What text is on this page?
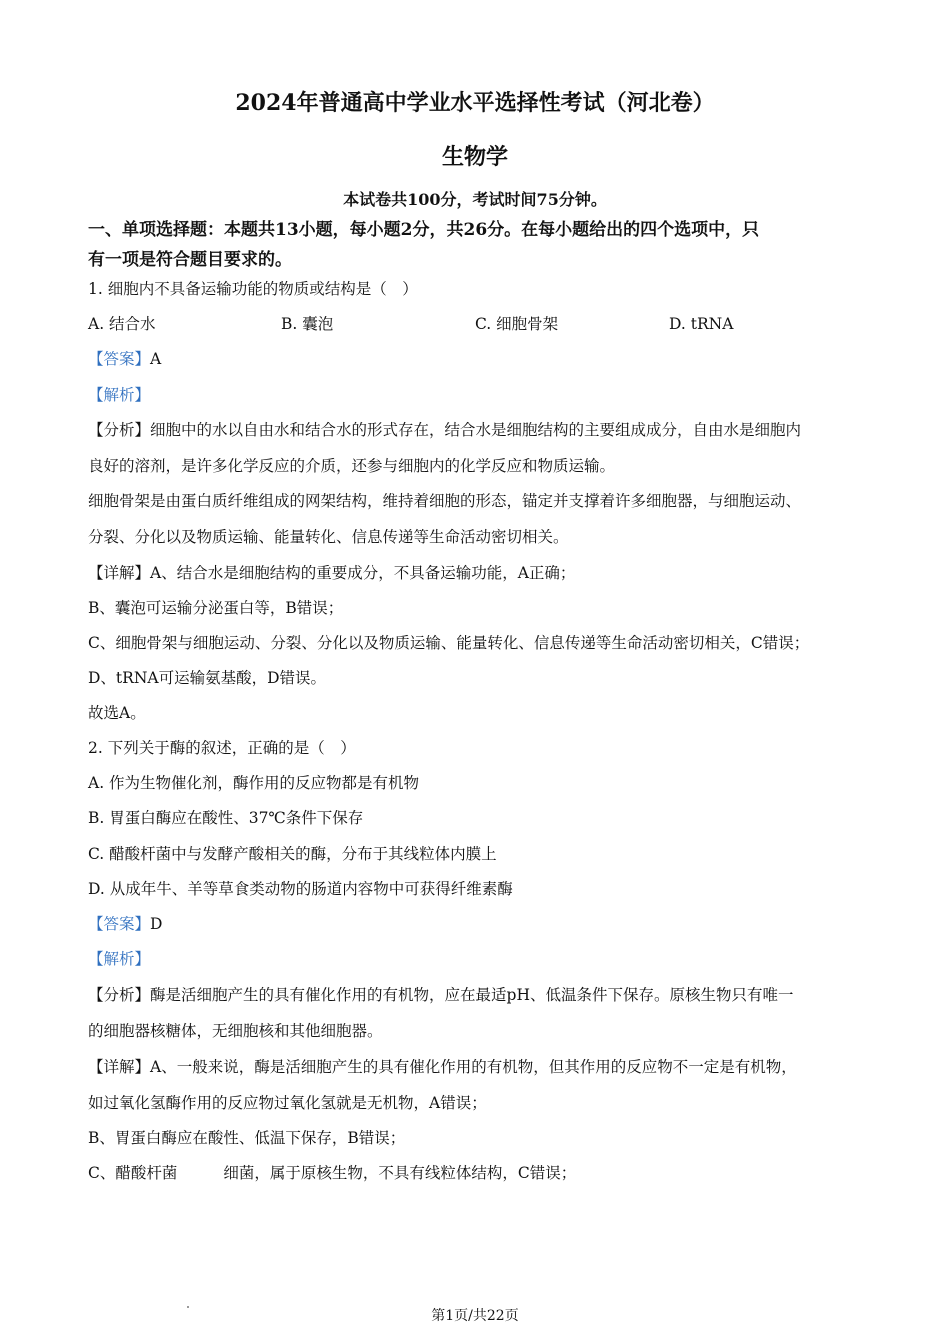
2024年普通高中学业水平选择性考试（河北卷）
生物学
本试卷共100分，考试时间75分钟。
一、单项选择题：本题共13小题，每小题2分，共26分。在每小题给出的四个选项中，只
有一项是符合题目要求的。
1. 细胞内不具备运输功能的物质或结构是（　）
A. 结合水	B. 囊泡	C. 细胞骨架	D. tRNA
【答案】A
【解析】
【分析】细胞中的水以自由水和结合水的形式存在，结合水是细胞结构的主要组成成分，自由水是细胞内
良好的溶剂，是许多化学反应的介质，还参与细胞内的化学反应和物质运输。
细胞骨架是由蛋白质纤维组成的网架结构，维持着细胞的形态，锚定并支撑着许多细胞器，与细胞运动、
分裂、分化以及物质运输、能量转化、信息传递等生命活动密切相关。
【详解】A、结合水是细胞结构的重要成分，不具备运输功能，A正确；
B、囊泡可运输分泌蛋白等，B错误；
C、细胞骨架与细胞运动、分裂、分化以及物质运输、能量转化、信息传递等生命活动密切相关，C错误；
D、tRNA可运输氨基酸，D错误。
故选A。
2. 下列关于酶的叙述，正确的是（　）
A. 作为生物催化剂，酶作用的反应物都是有机物
B. 胃蛋白酶应在酸性、37℃条件下保存
C. 醋酸杆菌中与发酵产酸相关的酶，分布于其线粒体内膜上
D. 从成年牛、羊等草食类动物的肠道内容物中可获得纤维素酶
【答案】D
【解析】
【分析】酶是活细胞产生的具有催化作用的有机物，应在最适pH、低温条件下保存。原核生物只有唯一
的细胞器核糖体，无细胞核和其他细胞器。
【详解】A、一般来说，酶是活细胞产生的具有催化作用的有机物，但其作用的反应物不一定是有机物，
如过氧化氢酶作用的反应物过氧化氢就是无机物，A错误；
B、胃蛋白酶应在酸性、低温下保存，B错误；
C、醋酸杆菌	细菌，属于原核生物，不具有线粒体结构，C错误；
第1页/共22页
